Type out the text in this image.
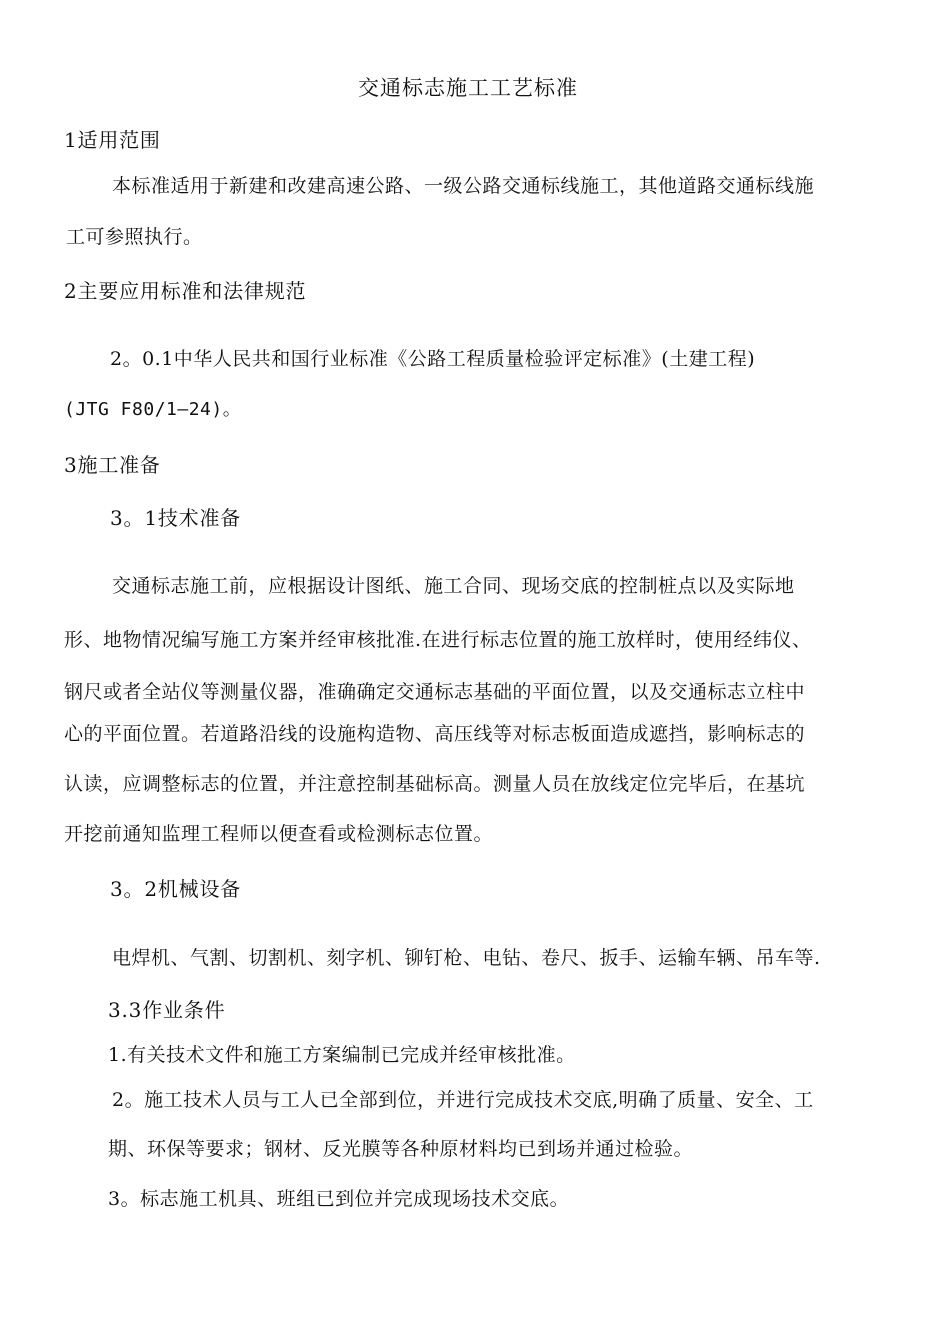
交通标志施工工艺标准

1适用范围

本标准适用于新建和改建高速公路、一级公路交通标线施工，其他道路交通标线施

工可参照执行。

2主要应用标准和法律规范

2。0.1中华人民共和国行业标准《公路工程质量检验评定标准》(土建工程)

(JTG F80/1—24)。

3施工准备

3。1技术准备

交通标志施工前，应根据设计图纸、施工合同、现场交底的控制桩点以及实际地

形、地物情况编写施工方案并经审核批准.在进行标志位置的施工放样时，使用经纬仪、

钢尺或者全站仪等测量仪器，准确确定交通标志基础的平面位置，以及交通标志立柱中

心的平面位置。若道路沿线的设施构造物、高压线等对标志板面造成遮挡，影响标志的

认读，应调整标志的位置，并注意控制基础标高。测量人员在放线定位完毕后，在基坑

开挖前通知监理工程师以便查看或检测标志位置。

3。2机械设备

电焊机、气割、切割机、刻字机、铆钉枪、电钻、卷尺、扳手、运输车辆、吊车等.

3.3作业条件

1.有关技术文件和施工方案编制已完成并经审核批准。

2。施工技术人员与工人已全部到位，并进行完成技术交底,明确了质量、安全、工

期、环保等要求；钢材、反光膜等各种原材料均已到场并通过检验。

3。标志施工机具、班组已到位并完成现场技术交底。
